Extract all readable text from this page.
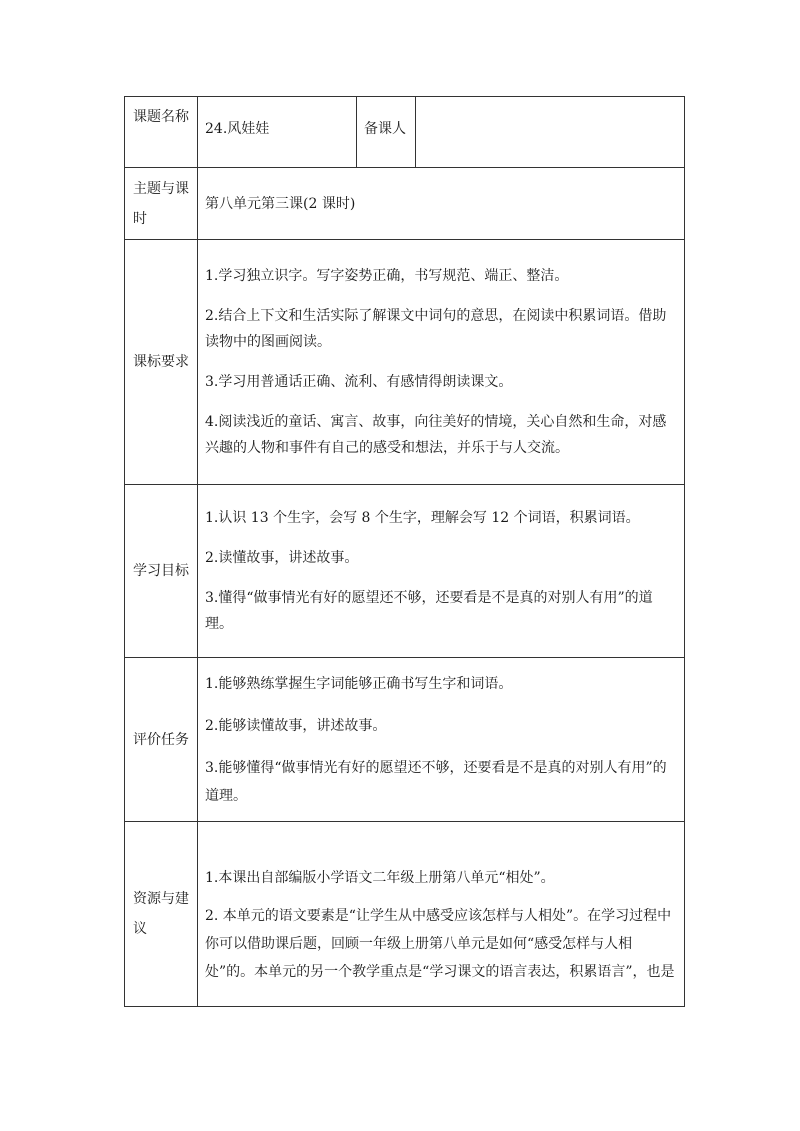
课题名称	24.风娃娃	备课人	

主题与课时	第八单元第三课(2 课时)		
课标要求	1.学习独立识字。写字姿势正确，书写规范、端正、整洁。

2.结合上下文和生活实际了解课文中词句的意思，在阅读中积累词语。借助读物中的图画阅读。

3.学习用普通话正确、流利、有感情得朗读课文。

4.阅读浅近的童话、寓言、故事，向往美好的情境，关心自然和生命，对感兴趣的人物和事件有自己的感受和想法，并乐于与人交流。		

学习目标	1.认识 13 个生字，会写 8 个生字，理解会写 12 个词语，积累词语。

2.读懂故事，讲述故事。

3.懂得“做事情光有好的愿望还不够，还要看是不是真的对别人有用”的道理。		

评价任务	1.能够熟练掌握生字词能够正确书写生字和词语。

2.能够读懂故事，讲述故事。

3.能够懂得“做事情光有好的愿望还不够，还要看是不是真的对别人有用”的道理。		

资源与建议	1.本课出自部编版小学语文二年级上册第八单元“相处”。

2. 本单元的语文要素是“让学生从中感受应该怎样与人相处”。在学习过程中你可以借助课后题，回顾一年级上册第八单元是如何“感受怎样与人相处”的。本单元的另一个教学重点是“学习课文的语言表达，积累语言”，也是		
